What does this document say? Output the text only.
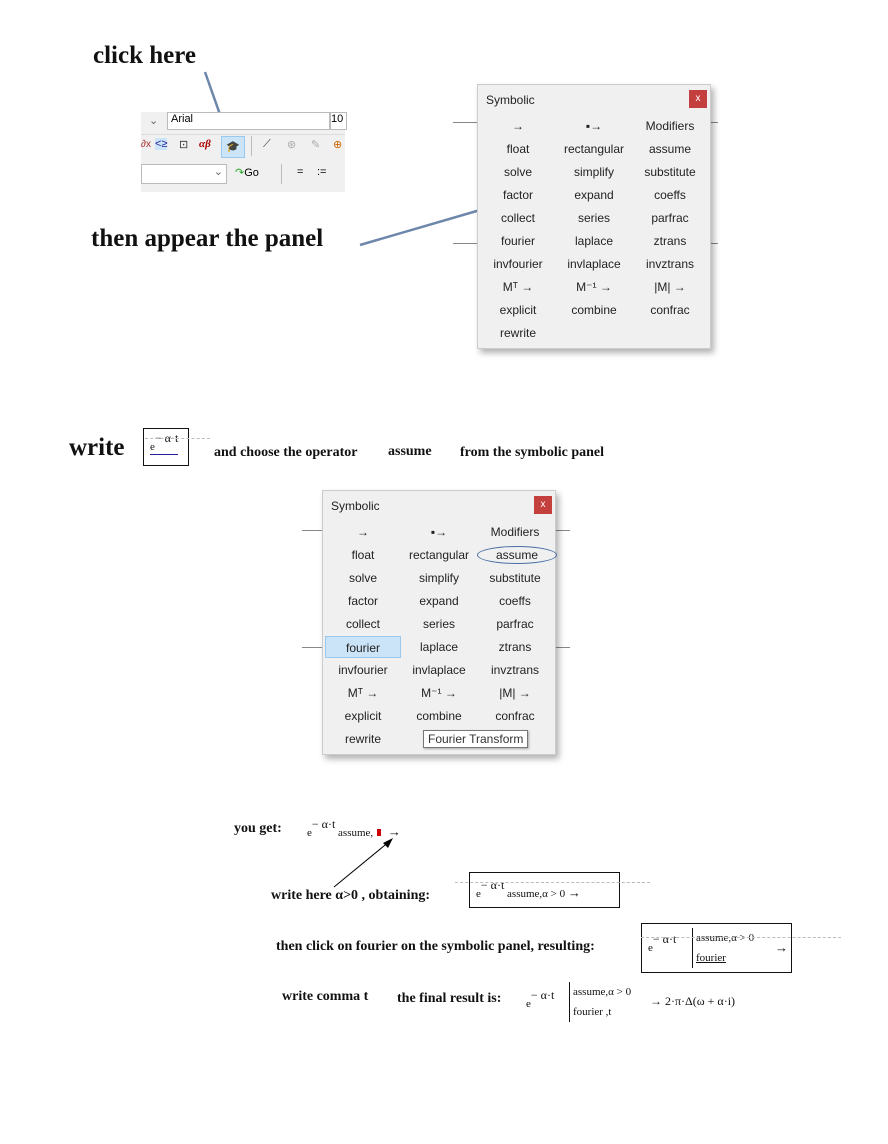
click here
⌄	Arial	10
∂x <≥ ⊡ αβ	🎓	⟋ ⊛ ✎ ⊕
⌄ ↷Go	= :=
then appear the panel
Symbolic	x
→	▪→	Modifiers
float	rectangular	assume
solve	simplify	substitute
factor	expand	coeffs
collect	series	parfrac
fourier	laplace	ztrans
invfourier	invlaplace	invztrans
Mᵀ →	M⁻¹ →	|M| →
explicit	combine	confrac
rewrite
write e− α·t
and choose the operator assume from the symbolic panel
Symbolic	x
→	▪→	Modifiers
float	rectangular	assume
solve	simplify	substitute
factor	expand	coeffs
collect	series	parfrac
fourier	laplace	ztrans
invfourier	invlaplace	invztrans
Mᵀ →	M⁻¹ →	|M| →
explicit	combine	confrac
rewrite	Fourier Transform
you get: e− α·t assume, →
write here α>0 , obtaining:	e− α·t assume,α > 0 →
then click on fourier on the symbolic panel, resulting:	e− α·t assume,α > 0
fourier
→
write comma t the final result is: e− α·t assume,α > 0
fourier ,t
→ 2·π·Δ(ω + α·i)
